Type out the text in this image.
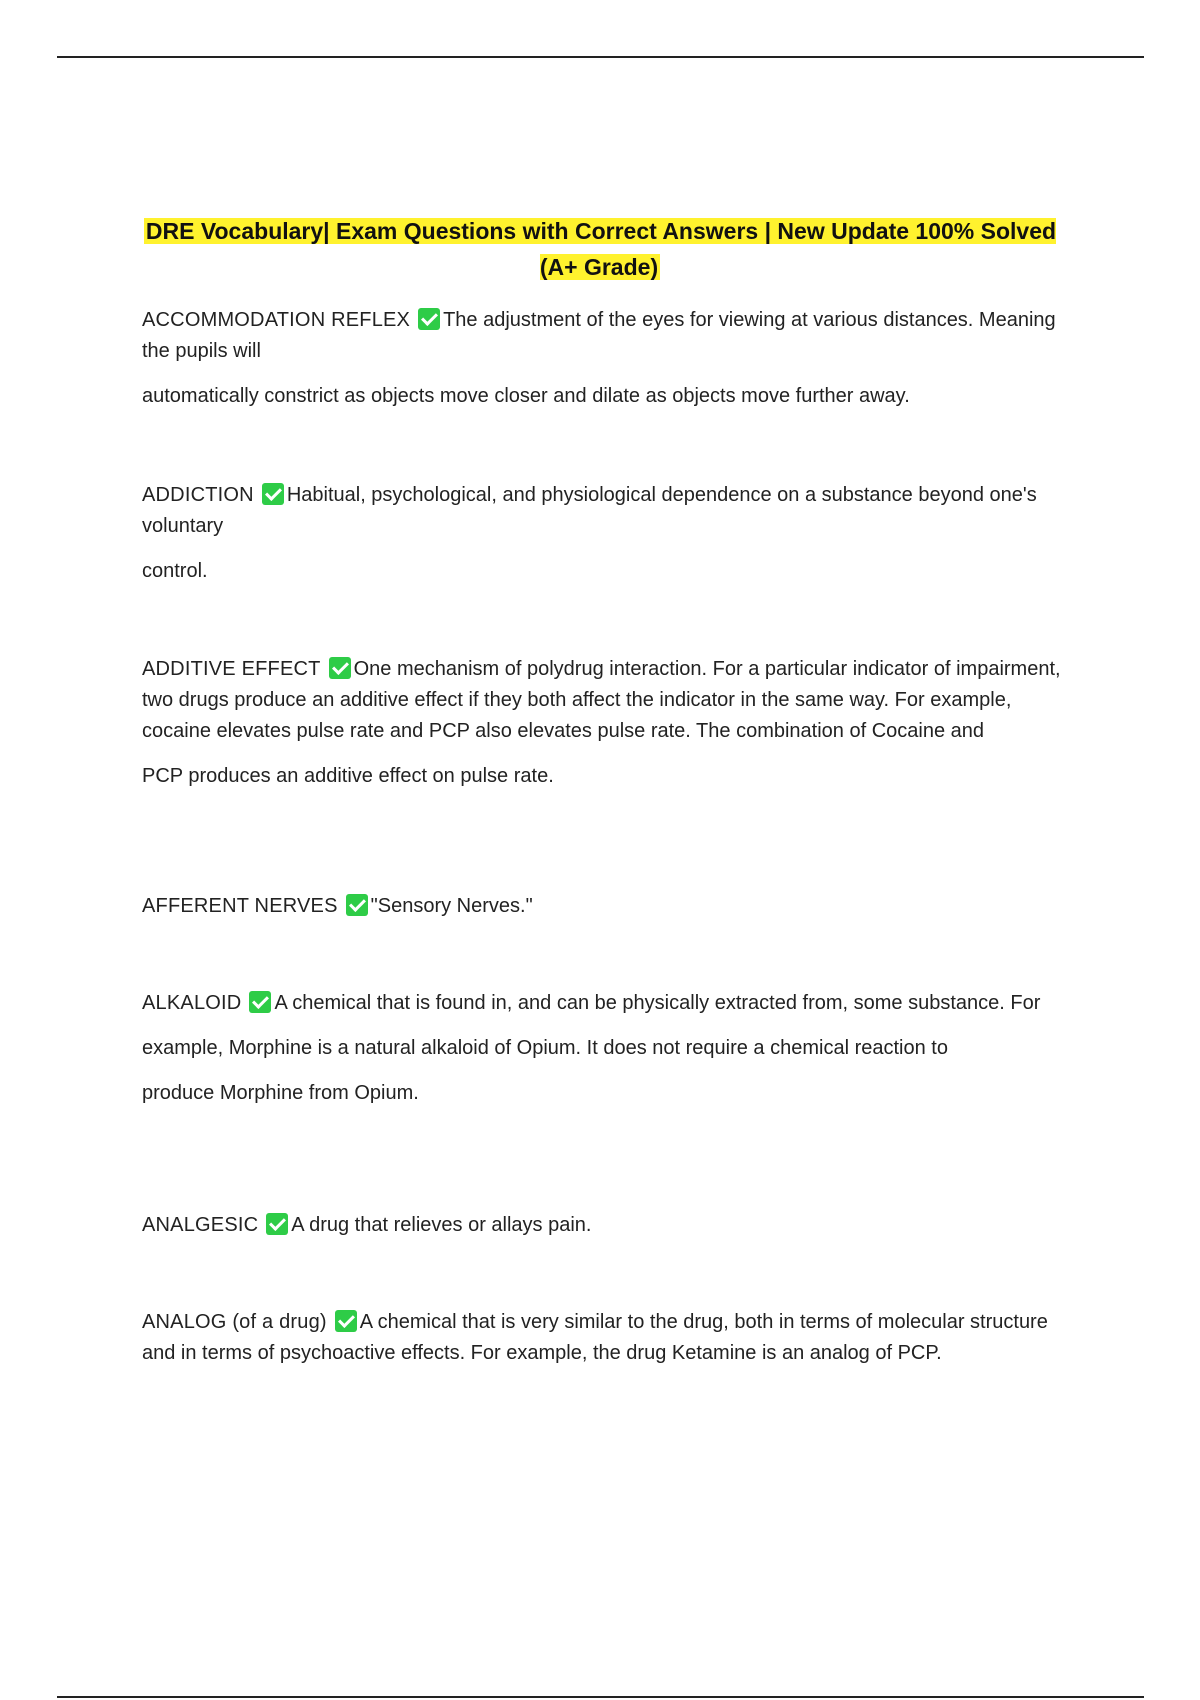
DRE Vocabulary| Exam Questions with Correct Answers | New Update 100% Solved (A+ Grade)

ACCOMMODATION REFLEX The adjustment of the eyes for viewing at various distances. Meaning the pupils will

automatically constrict as objects move closer and dilate as objects move further away.

ADDICTION Habitual, psychological, and physiological dependence on a substance beyond one's voluntary

control.

ADDITIVE EFFECT One mechanism of polydrug interaction. For a particular indicator of impairment, two drugs produce an additive effect if they both affect the indicator in the same way. For example, cocaine elevates pulse rate and PCP also elevates pulse rate. The combination of Cocaine and

PCP produces an additive effect on pulse rate.

AFFERENT NERVES "Sensory Nerves."

ALKALOID A chemical that is found in, and can be physically extracted from, some substance. For

example, Morphine is a natural alkaloid of Opium. It does not require a chemical reaction to

produce Morphine from Opium.

ANALGESIC A drug that relieves or allays pain.

ANALOG (of a drug) A chemical that is very similar to the drug, both in terms of molecular structure and in terms of psychoactive effects. For example, the drug Ketamine is an analog of PCP.
